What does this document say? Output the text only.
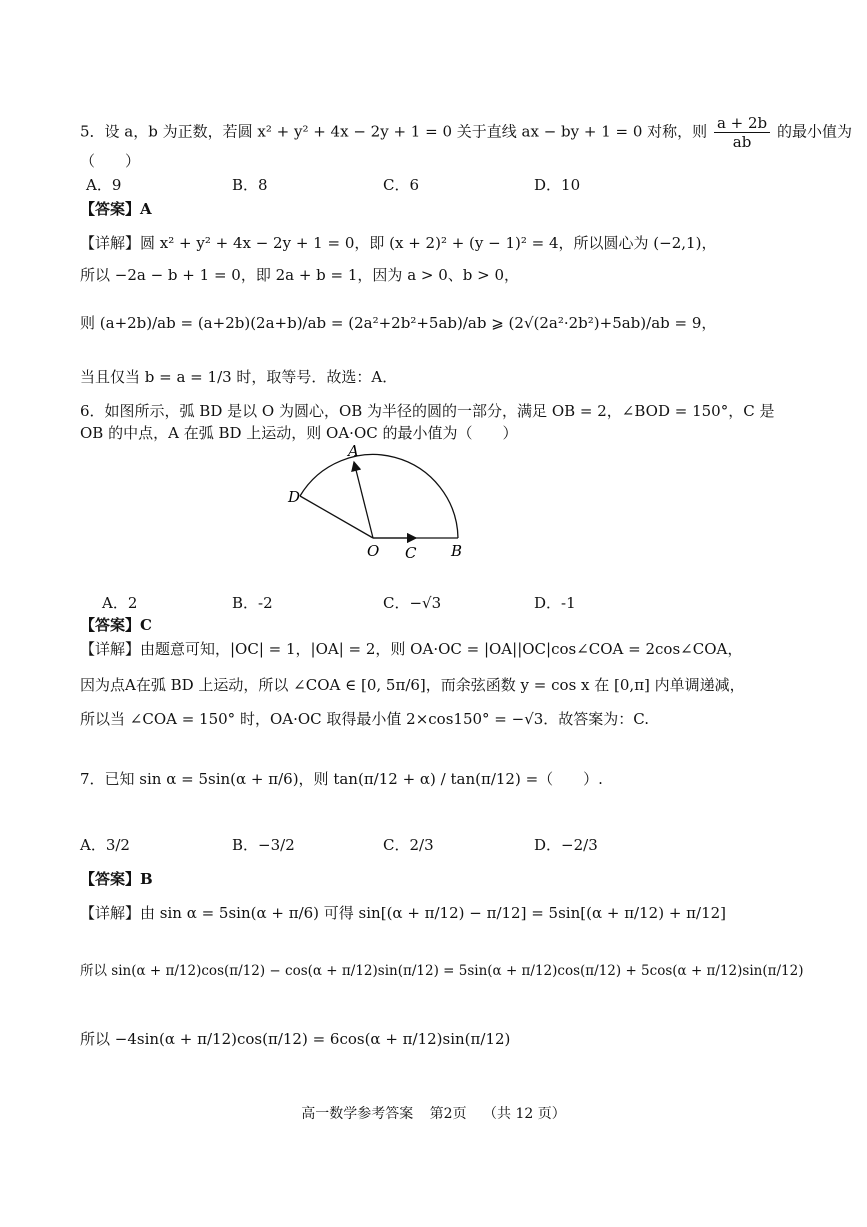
5．设 a，b 为正数，若圆 x² + y² + 4x − 2y + 1 = 0 关于直线 ax − by + 1 = 0 对称，则 $\frac{a + 2b}{ab}$ 的最小值为
（　　）
A．9	B．8	C．6	D．10
【答案】A
【详解】圆 x² + y² + 4x − 2y + 1 = 0，即 (x + 2)² + (y − 1)² = 4，所以圆心为 (−2,1)，
所以 −2a − b + 1 = 0，即 2a + b = 1，因为 a > 0、b > 0，
则 (a+2b)/ab = (a+2b)(2a+b)/ab = (2a²+2b²+5ab)/ab ⩾ (2√(2a²·2b²)+5ab)/ab = 9，
当且仅当 b = a = 1/3 时，取等号．故选：A．
6．如图所示，弧 BD 是以 O 为圆心，OB 为半径的圆的一部分，满足 OB = 2，∠BOD = 150°，C 是
OB 的中点，A 在弧 BD 上运动，则 OA·OC 的最小值为（　　）
A
D
O C B
A．2	B．-2	C．−√3	D．-1
【答案】C
【详解】由题意可知，|OC| = 1，|OA| = 2，则 OA·OC = |OA||OC|cos∠COA = 2cos∠COA，
因为点A在弧 BD 上运动，所以 ∠COA ∈ [0, 5π/6]，而余弦函数 y = cos x 在 [0,π] 内单调递减，
所以当 ∠COA = 150° 时，OA·OC 取得最小值 2×cos150° = −√3．故答案为：C.
7．已知 sin α = 5sin(α + π/6)，则 tan(π/12 + α) / tan(π/12) =（　　）.
A．3/2	B．−3/2	C．2/3	D．−2/3
【答案】B
【详解】由 sin α = 5sin(α + π/6) 可得 sin[(α + π/12) − π/12] = 5sin[(α + π/12) + π/12]
所以 sin(α + π/12)cos(π/12) − cos(α + π/12)sin(π/12) = 5sin(α + π/12)cos(π/12) + 5cos(α + π/12)sin(π/12)
所以 −4sin(α + π/12)cos(π/12) = 6cos(α + π/12)sin(π/12)
高一数学参考答案 第2页 （共 12 页）
